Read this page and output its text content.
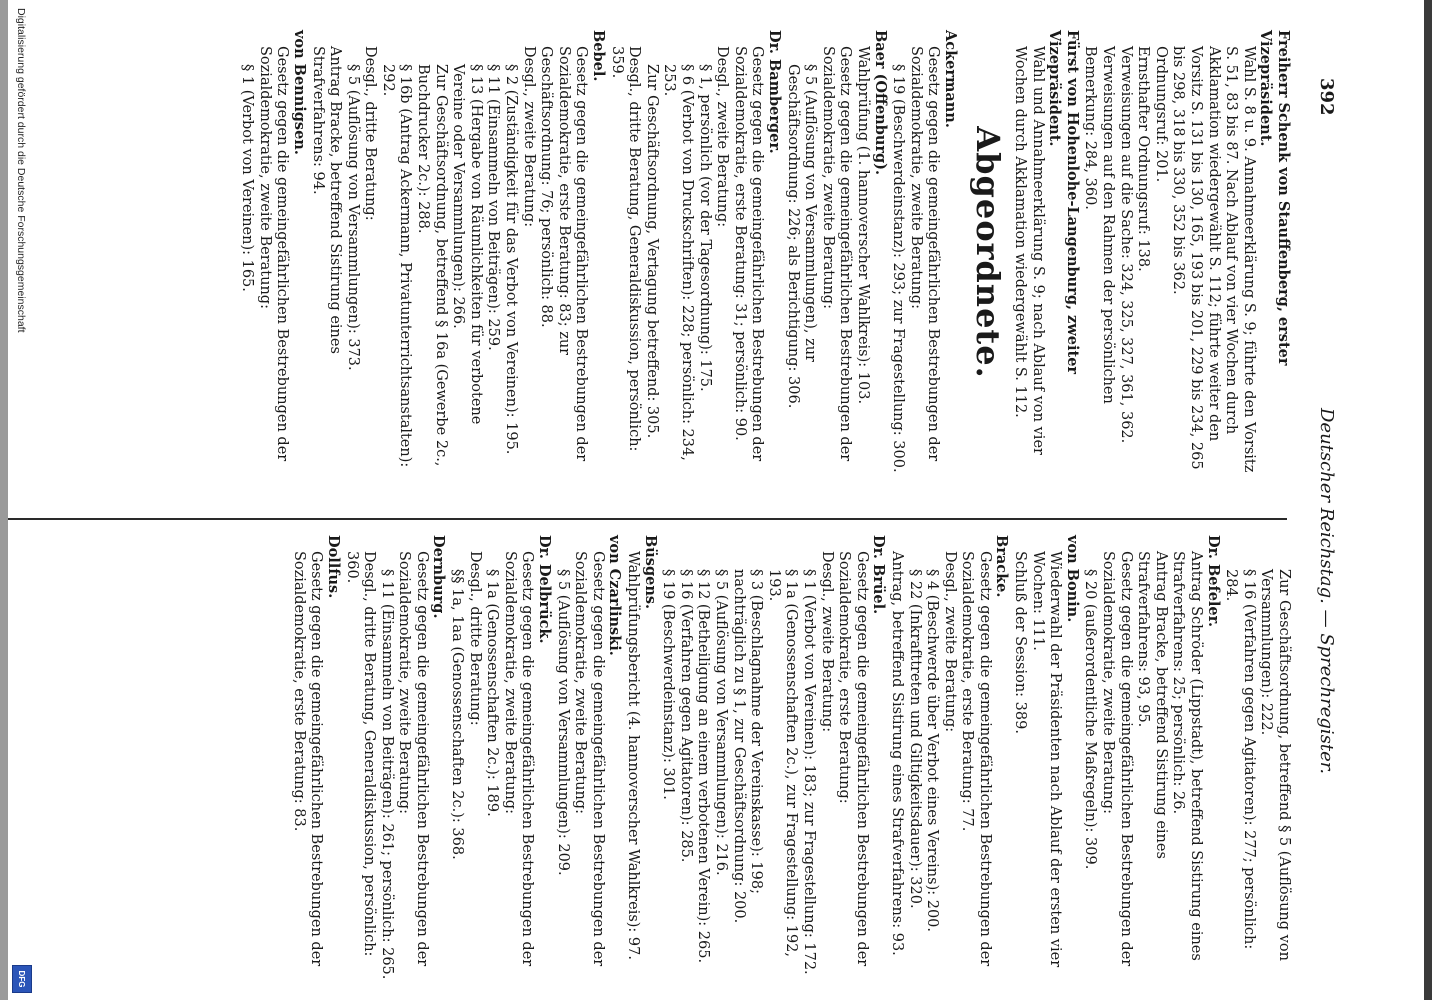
392
Deutscher Reichstag. — Sprechregister.

Freiherr Schenk von Stauffenberg, erster Vizepräsident.

Wahl S. 8 u. 9. Annahmeerklärung S. 9; führte den Vorsitz S. 51, 83 bis 87. Nach Ablauf von vier Wochen durch Akklamation wiedergewählt S. 112; führte weiter den Vorsitz S. 131 bis 130, 165, 193 bis 201, 229 bis 234, 265 bis 298, 318 bis 330, 352 bis 362.

Ordnungsruf: 201.

Ernsthafter Ordnungsruf: 138.

Verweisungen auf die Sache: 324, 325, 327, 361, 362.

Verweisungen auf den Rahmen der persönlichen Bemerkung: 284, 360.

Fürst von Hohenlohe-Langenburg, zweiter Vizepräsident.

Wahl und Annahmeerklärung S. 9; nach Ablauf von vier Wochen durch Akklamation wiedergewählt S. 112.

Abgeordnete.

Ackermann.

Gesetz gegen die gemeingefährlichen Bestrebungen der Sozialdemokratie, zweite Beratung:

§ 19 (Beschwerdeinstanz): 293; zur Fragestellung: 300.

Baer (Offenburg).

Wahlprüfung (1. hannoverscher Wahlkreis): 103.

Gesetz gegen die gemeingefährlichen Bestrebungen der Sozialdemokratie, zweite Beratung:

§ 5 (Auflösung von Versammlungen), zur Geschäftsordnung: 226; als Berichtigung: 306.

Dr. Bamberger.

Gesetz gegen die gemeingefährlichen Bestrebungen der Sozialdemokratie, erste Beratung: 31; persönlich: 90.

Desgl., zweite Beratung:

§ 1, persönlich (vor der Tagesordnung): 175.

§ 6 (Verbot von Druckschriften): 228; persönlich: 234, 253.

Zur Geschäftsordnung, Vertagung betreffend: 305.

Desgl., dritte Beratung, Generaldiskussion, persönlich: 359.

Bebel.

Gesetz gegen die gemeingefährlichen Bestrebungen der Sozialdemokratie, erste Beratung: 83; zur Geschäftsordnung: 76; persönlich: 88.

Desgl., zweite Beratung:

§ 2 (Zuständigkeit für das Verbot von Vereinen): 195.

§ 11 (Einsammeln von Beiträgen): 259.

§ 13 (Hergabe von Räumlichkeiten für verbotene Vereine oder Versammlungen): 266.

Zur Geschäftsordnung, betreffend § 16a (Gewerbe 2c., Buchdrucker 2c.): 288.

§ 16b (Antrag Ackermann, Privatunterrichtsanstalten): 292.

Desgl., dritte Beratung:

§ 5 (Auflösung von Versammlungen): 373.

Antrag Bracke, betreffend Sistirung eines Strafverfahrens: 94.

von Bennigsen.

Gesetz gegen die gemeingefährlichen Bestrebungen der Sozialdemokratie, zweite Beratung:

§ 1 (Verbot von Vereinen): 165.

Zur Geschäftsordnung, betreffend § 5 (Auflösung von Versammlungen): 222.

§ 16 (Verfahren gegen Agitatoren): 277; persönlich: 284.

Dr. Befeler.

Antrag Schröder (Lippstadt), betreffend Sistirung eines Strafverfahrens: 25; persönlich: 26.

Antrag Bracke, betreffend Sistirung eines Strafverfahrens: 93, 95.

Gesetz gegen die gemeingefährlichen Bestrebungen der Sozialdemokratie, zweite Beratung:

§ 20 (außerordentliche Maßregeln): 309.

von Bonin.

Wiederwahl der Präsidenten nach Ablauf der ersten vier Wochen: 111.

Schluß der Session: 389.

Bracke.

Gesetz gegen die gemeingefährlichen Bestrebungen der Sozialdemokratie, erste Beratung: 77.

Desgl., zweite Beratung:

§ 4 (Beschwerde über Verbot eines Vereins): 200.

§ 22 (Inkrafttreten und Giltigkeitsdauer): 320.

Antrag, betreffend Sistirung eines Strafverfahrens: 93.

Dr. Brüel.

Gesetz gegen die gemeingefährlichen Bestrebungen der Sozialdemokratie, erste Beratung:

Desgl., zweite Beratung:

§ 1 (Verbot von Vereinen): 183; zur Fragestellung: 172.

§ 1a (Genossenschaften 2c.), zur Fragestellung: 192, 193.

§ 3 (Beschlagnahme der Vereinskasse): 198; nachträglich zu § 1, zur Geschäftsordnung: 200.

§ 5 (Auflösung von Versammlungen): 216.

§ 12 (Betheiligung an einem verbotenen Verein): 265.

§ 16 (Verfahren gegen Agitatoren): 285.

§ 19 (Beschwerdeinstanz): 301.

Büsgens.

Wahlprüfungsbericht (4. hannoverscher Wahlkreis): 97.

von Czarlinski.

Gesetz gegen die gemeingefährlichen Bestrebungen der Sozialdemokratie, zweite Beratung:

§ 5 (Auflösung von Versammlungen): 209.

Dr. Delbrück.

Gesetz gegen die gemeingefährlichen Bestrebungen der Sozialdemokratie, zweite Beratung:

§ 1a (Genossenschaften 2c.): 189.

Desgl., dritte Beratung:

§§ 1a, 1aa (Genossenschaften 2c.): 368.

Dernburg.

Gesetz gegen die gemeingefährlichen Bestrebungen der Sozialdemokratie, zweite Beratung:

§ 11 (Einsammeln von Beiträgen): 261; persönlich: 265.

Desgl., dritte Beratung, Generaldiskussion, persönlich: 360.

Dollfus.

Gesetz gegen die gemeingefährlichen Bestrebungen der Sozialdemokratie, erste Beratung: 83.

Digitalisierung gefördert durch die Deutsche Forschungsgemeinschaft
DFG
